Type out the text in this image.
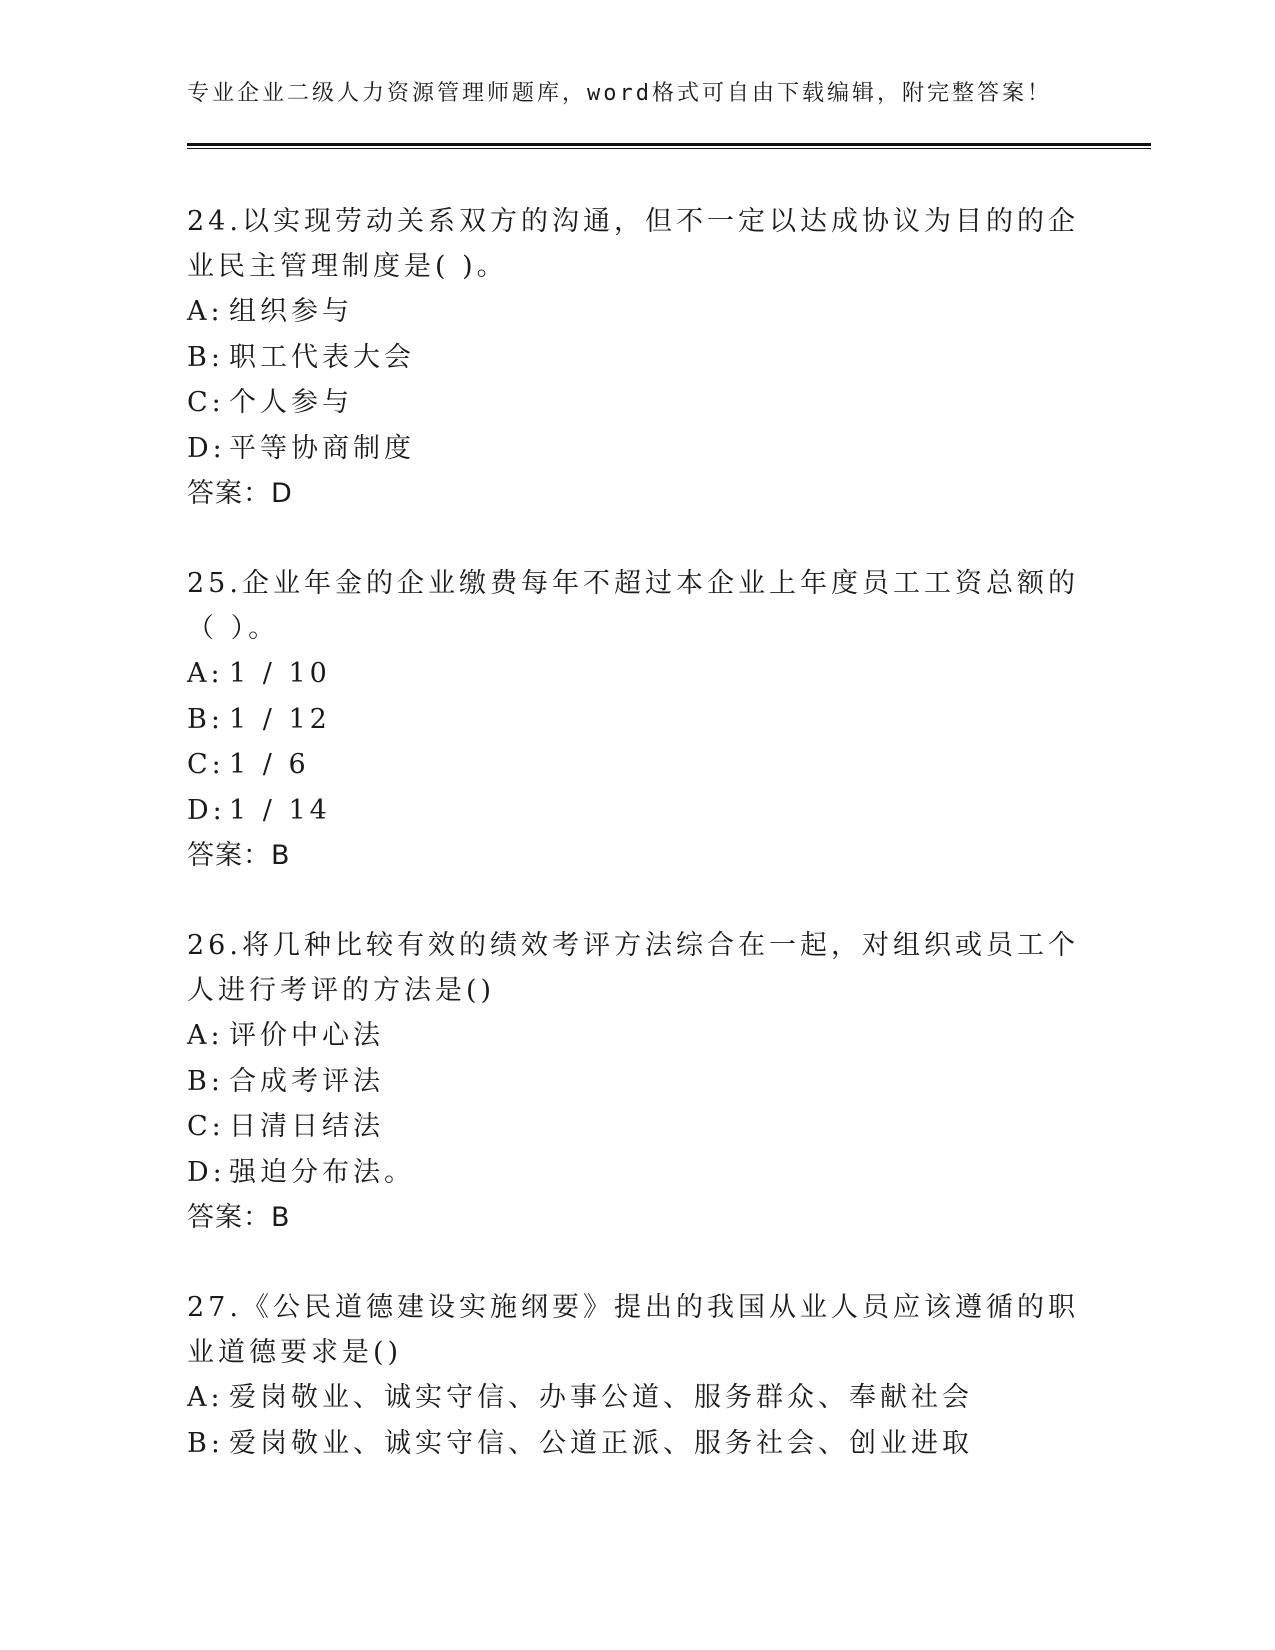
专业企业二级人力资源管理师题库，word格式可自由下载编辑，附完整答案！

24.以实现劳动关系双方的沟通，但不一定以达成协议为目的的企业民主管理制度是( )。

A: 组织参与
B: 职工代表大会
C: 个人参与
D: 平等协商制度
答案：D

25.企业年金的企业缴费每年不超过本企业上年度员工工资总额的（ ）。

A: 1 / 10
B: 1 / 12
C: 1 / 6
D: 1 / 14
答案：B

26.将几种比较有效的绩效考评方法综合在一起，对组织或员工个人进行考评的方法是()

A: 评价中心法
B: 合成考评法
C: 日清日结法
D: 强迫分布法。
答案：B

27.《公民道德建设实施纲要》提出的我国从业人员应该遵循的职业道德要求是()

A: 爱岗敬业、诚实守信、办事公道、服务群众、奉献社会
B: 爱岗敬业、诚实守信、公道正派、服务社会、创业进取
